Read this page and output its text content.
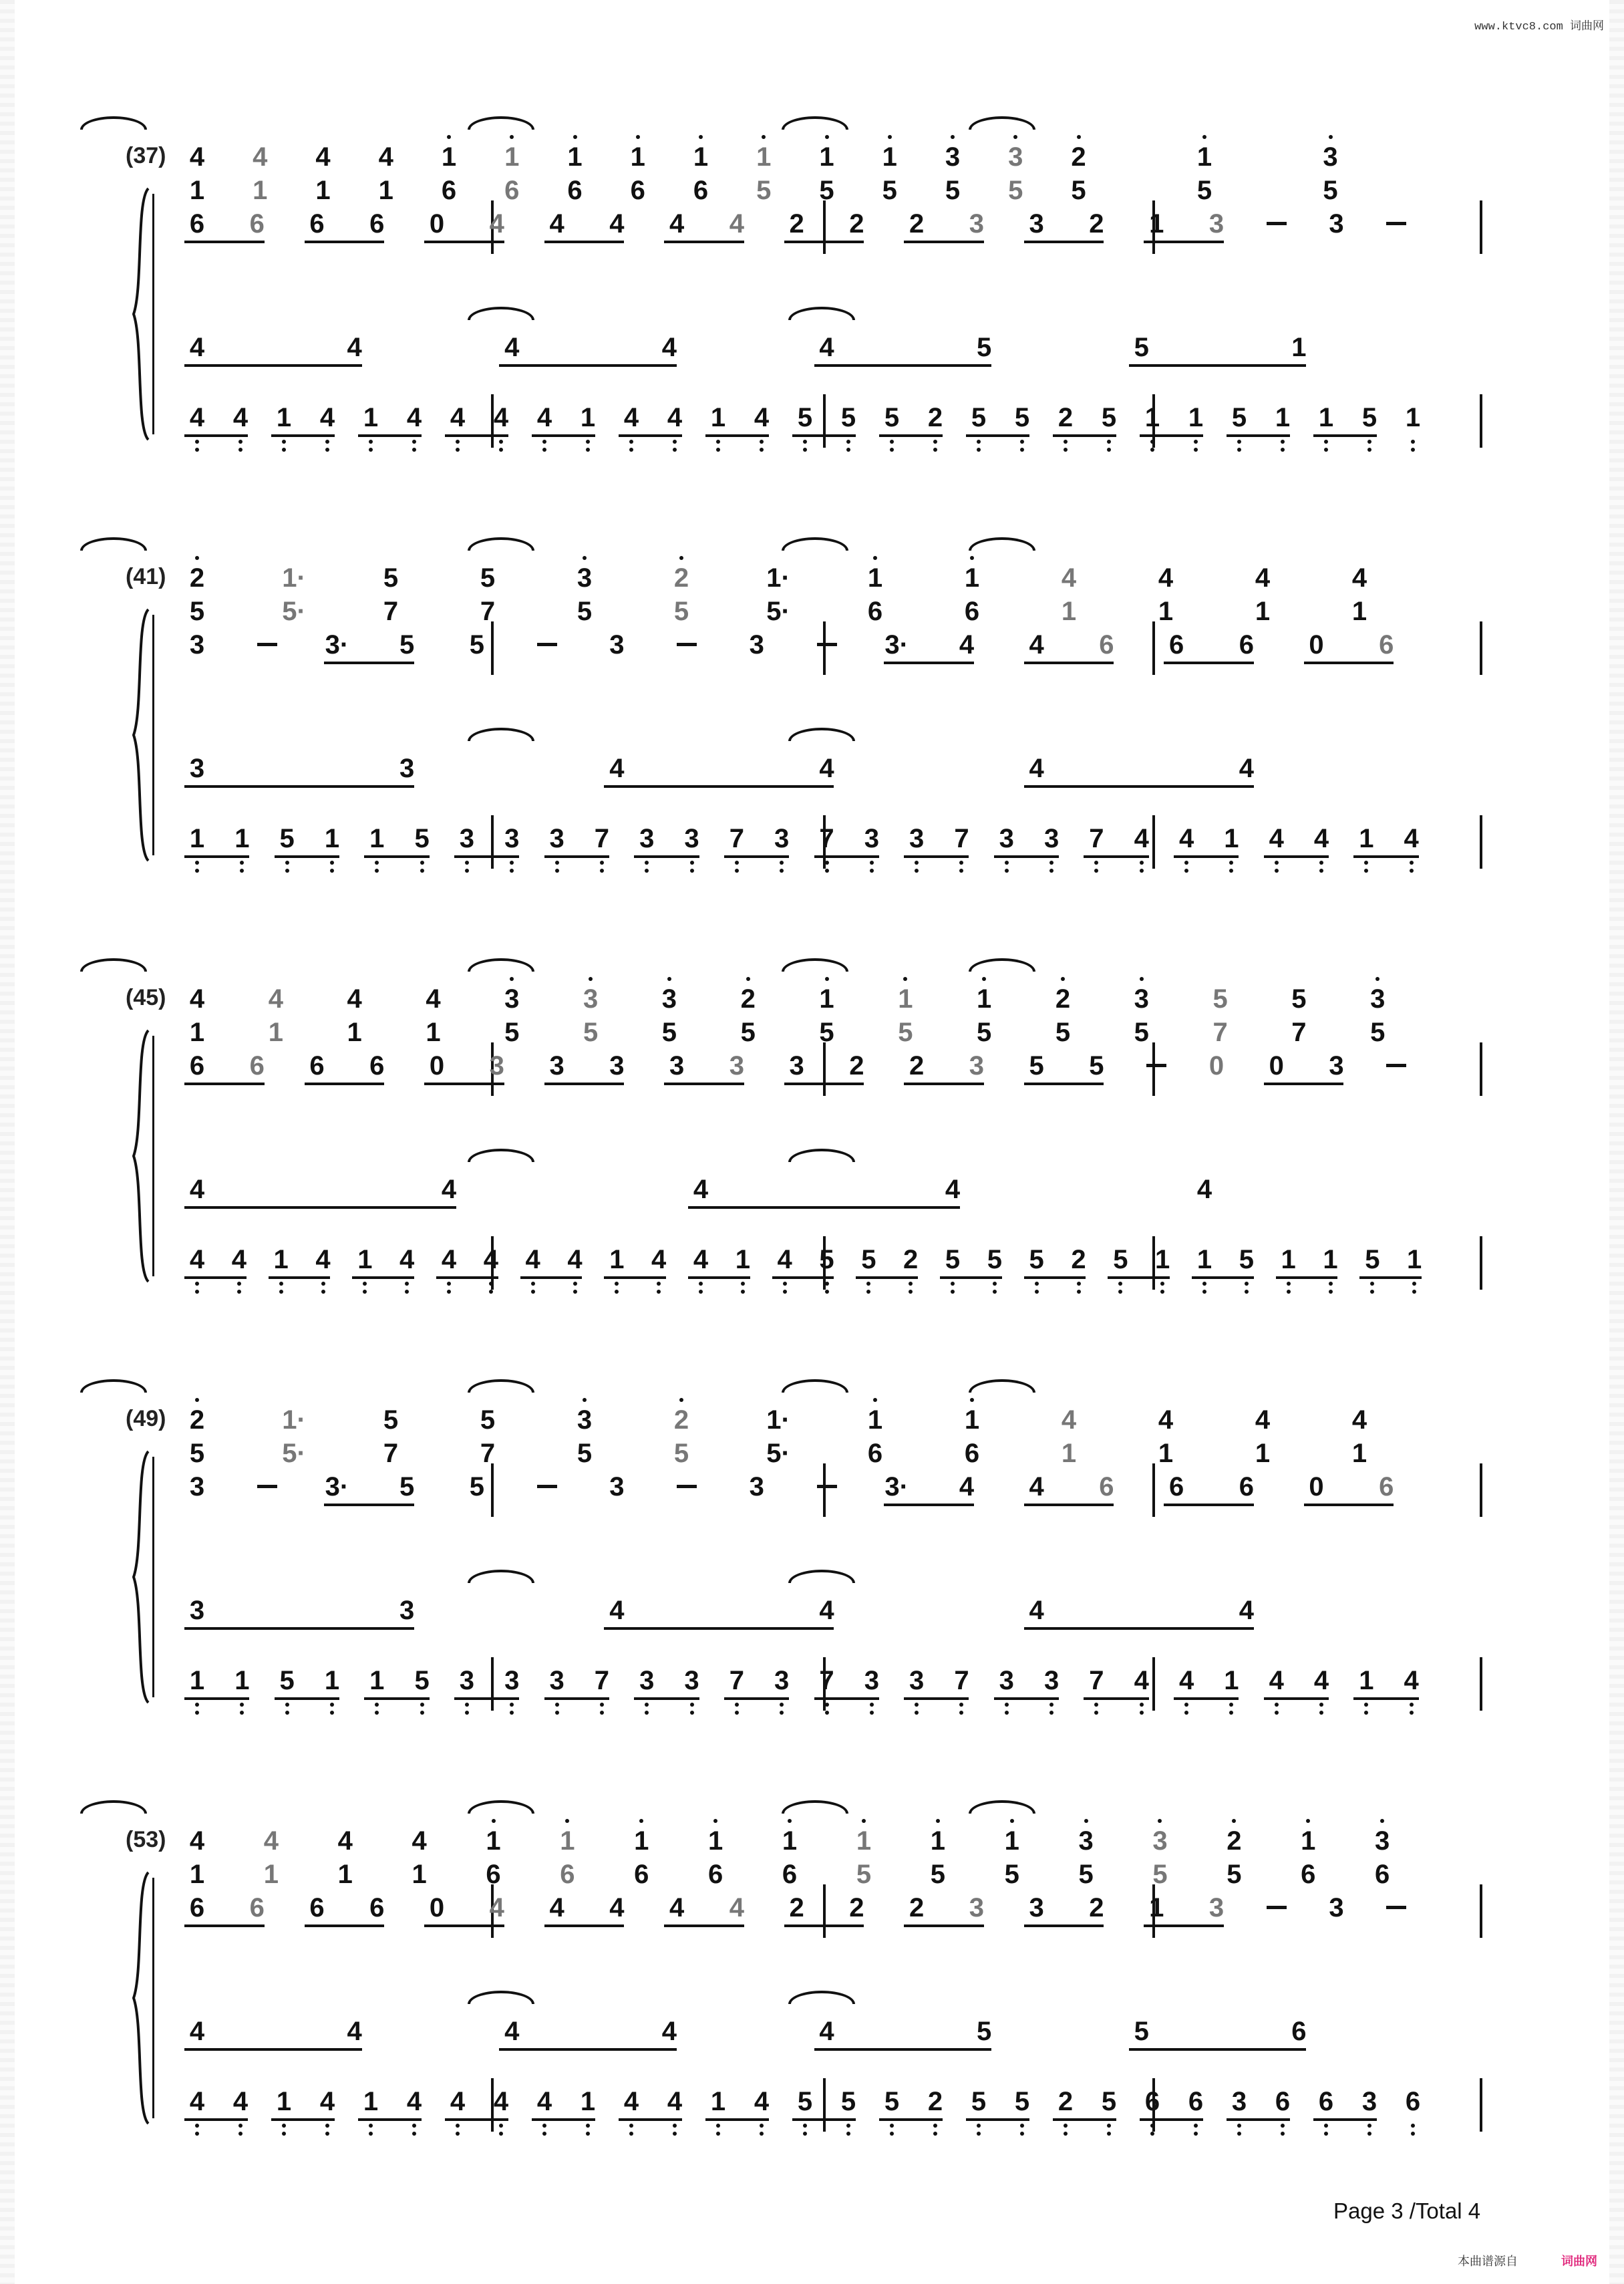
www.ktvc8.com 词曲网
(37) 4	4	4	4	1	1	1	1	1	1	1	1	3	3	2	1	3
1	1	1	1	6	6	6	6	6	5	5	5	5	5	5	5	5
6	6	6	6	0	4	4	4	4	4	2	2	2	3	3	2	1	3	3
4	4	4	4	4	5	5	1
4	4	1	4	1	4	4	4	4	1	4	4	1	4	5	5	5	2	5	5	2	5	1	1	5	1	1	5	1
(41) 2	1·	5	5	3	2	1·	1	1	4	4	4	4
5	5·	7	7	5	5	5·	6	6	1	1	1	1
3	3·	5	5	3	3	3·	4	4	6	6	6	0	6
3	3	4	4	4	4
1	1	5	1	1	5	3	3	3	7	3	3	7	3	7	3	3	7	3	3	7	4	4	1	4	4	1	4
(45) 4	4	4	4	3	3	3	2	1	1	1	2	3	5	5	3
1	1	1	1	5	5	5	5	5	5	5	5	5	7	7	5
6	6	6	6	0	3	3	3	3	3	3	2	2	3	5	5	0	0	3
4	4	4	4	4
4	4	1	4	1	4	4	4	4	4	1	4	4	1	4	5	5	2	5	5	5	2	5	1	1	5	1	1	5	1
(49) 2	1·	5	5	3	2	1·	1	1	4	4	4	4
5	5·	7	7	5	5	5·	6	6	1	1	1	1
3	3·	5	5	3	3	3·	4	4	6	6	6	0	6
3	3	4	4	4	4
1	1	5	1	1	5	3	3	3	7	3	3	7	3	7	3	3	7	3	3	7	4	4	1	4	4	1	4
(53) 4	4	4	4	1	1	1	1	1	1	1	1	3	3	2	1	3
1	1	1	1	6	6	6	6	6	5	5	5	5	5	5	6	6
6	6	6	6	0	4	4	4	4	4	2	2	2	3	3	2	1	3	3
4	4	4	4	4	5	5	6
4	4	1	4	1	4	4	4	4	1	4	4	1	4	5	5	5	2	5	5	2	5	6	6	3	6	6	3	6
Page 3 /Total 4
本曲谱源自	词曲网
